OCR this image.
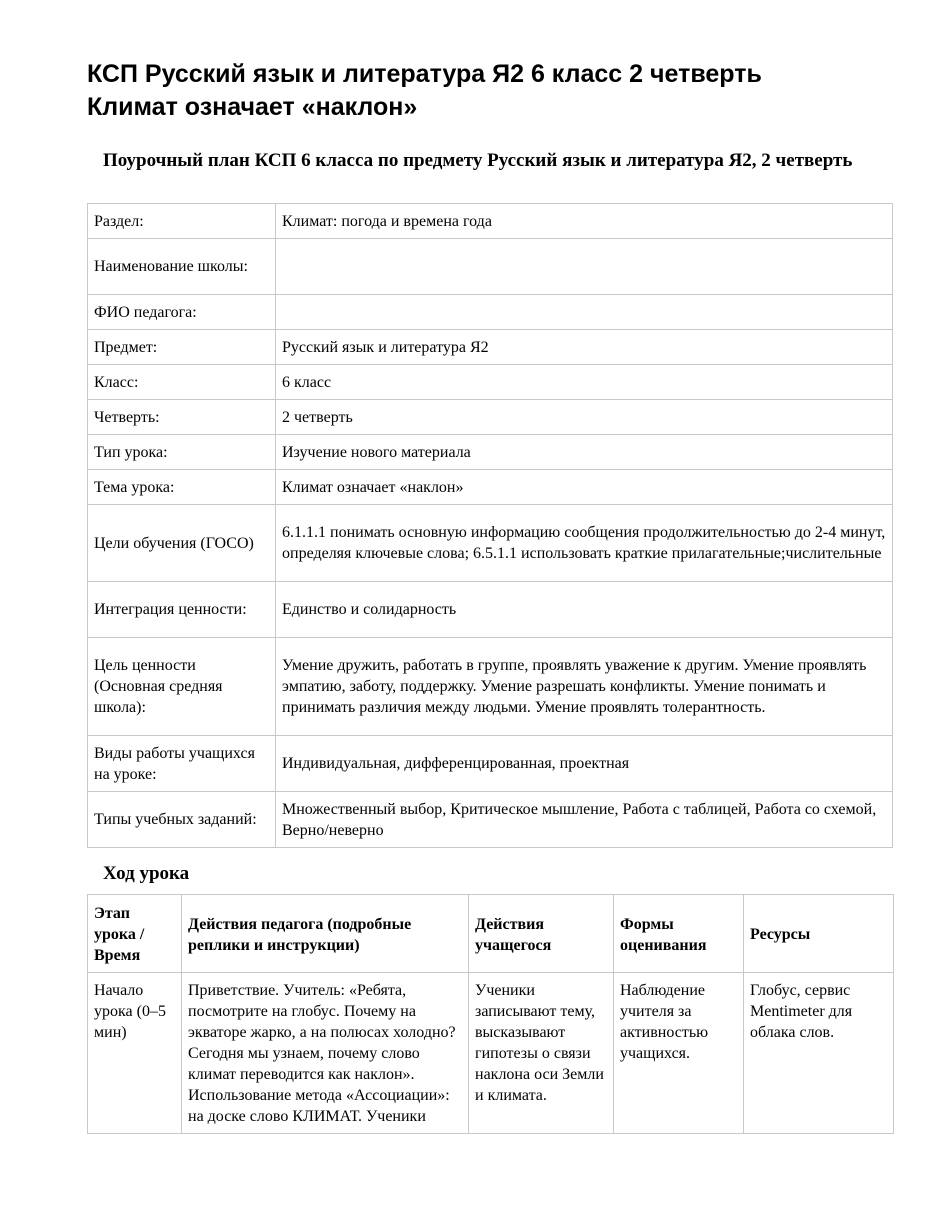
КСП Русский язык и литература Я2 6 класс 2 четверть
Климат означает «наклон»
Поурочный план КСП 6 класса по предмету Русский язык и литература Я2, 2 четверть
Раздел:	Климат: погода и времена года
Наименование школы:	
ФИО педагога:	
Предмет:	Русский язык и литература Я2
Класс:	6 класс
Четверть:	2 четверть
Тип урока:	Изучение нового материала
Тема урока:	Климат означает «наклон»
Цели обучения (ГОСО)	6.1.1.1 понимать основную информацию сообщения продолжительностью до 2-4 минут, определяя ключевые слова; 6.5.1.1 использовать краткие прилагательные;числительные
Интеграция ценности:	Единство и солидарность
Цель ценности (Основная средняя школа):	Умение дружить, работать в группе, проявлять уважение к другим. Умение проявлять эмпатию, заботу, поддержку. Умение разрешать конфликты. Умение понимать и принимать различия между людьми. Умение проявлять толерантность.
Виды работы учащихся на уроке:	Индивидуальная, дифференцированная, проектная
Типы учебных заданий:	Множественный выбор, Критическое мышление, Работа с таблицей, Работа со схемой, Верно/неверно
Ход урока
Этап урока / Время	Действия педагога (подробные реплики и инструкции)	Действия учащегося	Формы оценивания	Ресурсы
Начало урока (0–5 мин)	Приветствие. Учитель: «Ребята, посмотрите на глобус. Почему на экваторе жарко, а на полюсах холодно? Сегодня мы узнаем, почему слово климат переводится как наклон». Использование метода «Ассоциации»: на доске слово КЛИМАТ. Ученики	Ученики записывают тему, высказывают гипотезы о связи наклона оси Земли и климата.	Наблюдение учителя за активностью учащихся.	Глобус, сервис Mentimeter для облака слов.
